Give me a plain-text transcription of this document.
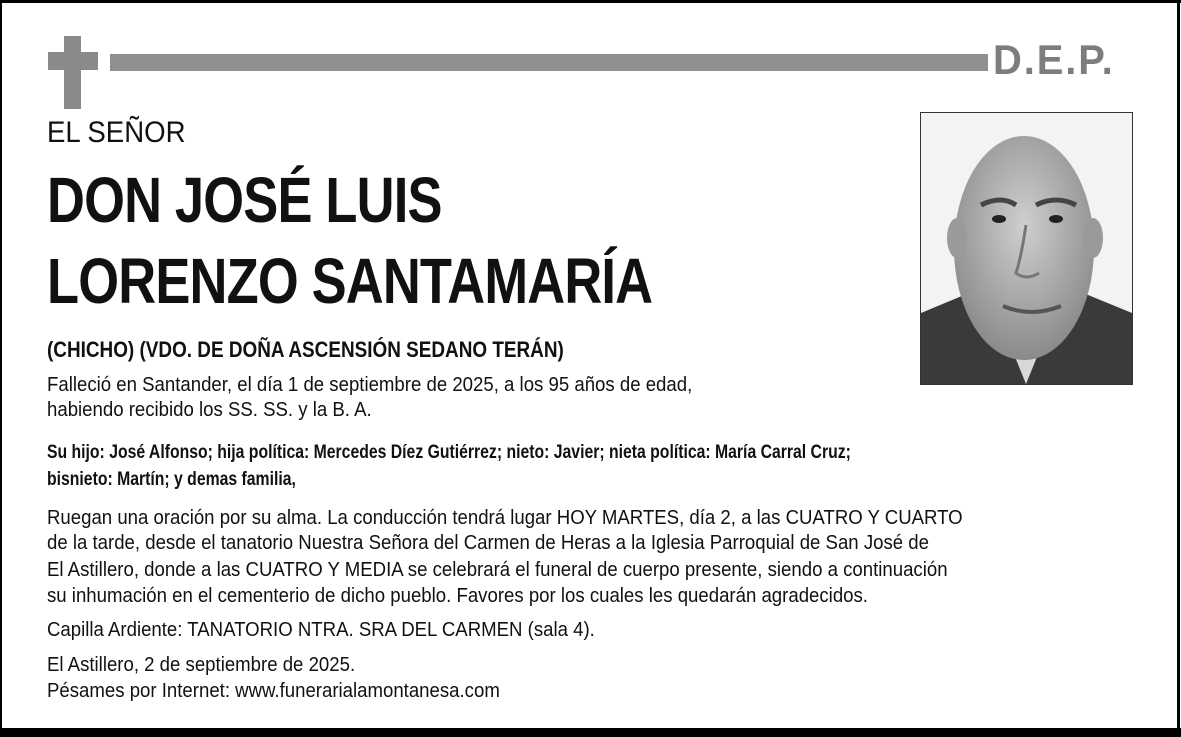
D.E.P.
EL SEÑOR
DON JOSÉ LUIS
LORENZO SANTAMARÍA
(CHICHO) (VDO. DE DOÑA ASCENSIÓN SEDANO TERÁN)
Falleció en Santander, el día 1 de septiembre de 2025, a los 95 años de edad,
habiendo recibido los SS. SS. y la B. A.
Su hijo: José Alfonso; hija política: Mercedes Díez Gutiérrez; nieto: Javier; nieta política: María Carral Cruz;
bisnieto: Martín; y demas familia,
Ruegan una oración por su alma. La conducción tendrá lugar HOY MARTES, día 2, a las CUATRO Y CUARTO
de la tarde, desde el tanatorio Nuestra Señora del Carmen de Heras a la Iglesia Parroquial de San José de
El Astillero, donde a las CUATRO Y MEDIA se celebrará el funeral de cuerpo presente, siendo a continuación
su inhumación en el cementerio de dicho pueblo. Favores por los cuales les quedarán agradecidos.
Capilla Ardiente: TANATORIO NTRA. SRA DEL CARMEN (sala 4).
El Astillero, 2 de septiembre de 2025.
Pésames por Internet: www.funerarialamontanesa.com
